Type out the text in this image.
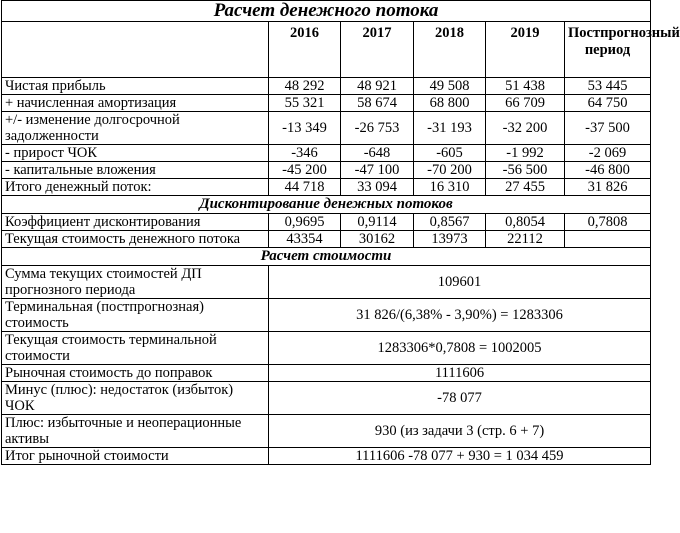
Расчет денежного потока					
	2016	2017	2018	2019	Постпрогнозный период
Чистая прибыль	48 292	48 921	49 508	51 438	53 445
+ начисленная амортизация	55 321	58 674	68 800	66 709	64 750
+/- изменение долгосрочной задолженности	-13 349	-26 753	-31 193	-32 200	-37 500
- прирост ЧОК	-346	-648	-605	-1 992	-2 069
- капитальные вложения	-45 200	-47 100	-70 200	-56 500	-46 800
Итого денежный поток:	44 718	33 094	16 310	27 455	31 826
Дисконтирование денежных потоков					
Коэффициент дисконтирования	0,9695	0,9114	0,8567	0,8054	0,7808
Текущая стоимость денежного потока	43354	30162	13973	22112	
Расчет стоимости					
Сумма текущих стоимостей ДП прогнозного периода	109601				
Терминальная (постпрогнозная) стоимость	31 826/(6,38% - 3,90%) = 1283306				
Текущая стоимость терминальной стоимости	1283306*0,7808 = 1002005				
Рыночная стоимость до поправок	1111606				
Минус (плюс): недостаток (избыток) ЧОК	-78 077				
Плюс: избыточные и неоперационные активы	930 (из задачи 3 (стр. 6 + 7)				
Итог рыночной стоимости	1111606 -78 077 + 930 = 1 034 459				
